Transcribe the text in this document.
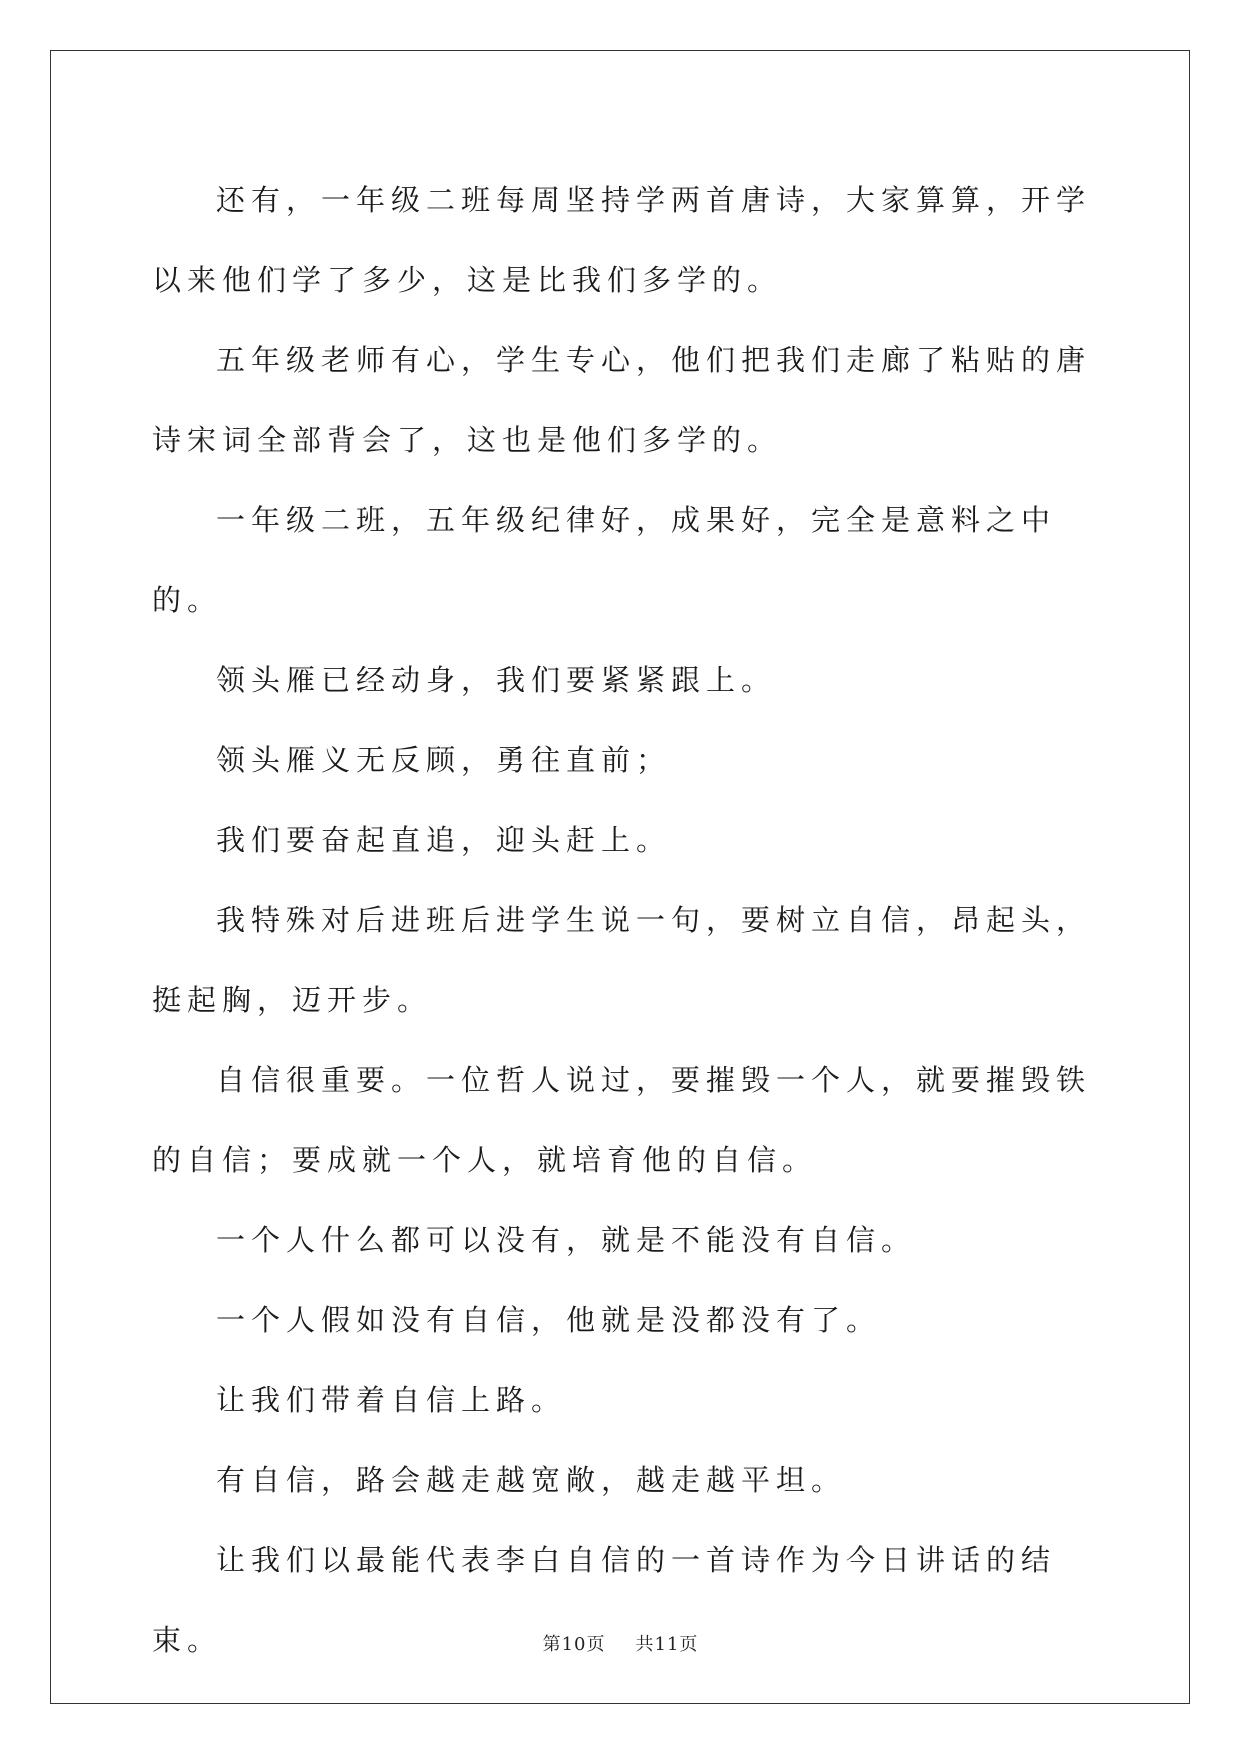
还有，一年级二班每周坚持学两首唐诗，大家算算，开学以来他们学了多少，这是比我们多学的。

五年级老师有心，学生专心，他们把我们走廊了粘贴的唐诗宋词全部背会了，这也是他们多学的。

一年级二班，五年级纪律好，成果好，完全是意料之中的。

领头雁已经动身，我们要紧紧跟上。

领头雁义无反顾，勇往直前；

我们要奋起直追，迎头赶上。

我特殊对后进班后进学生说一句，要树立自信，昂起头，挺起胸，迈开步。

自信很重要。一位哲人说过，要摧毁一个人，就要摧毁铁的自信；要成就一个人，就培育他的自信。

一个人什么都可以没有，就是不能没有自信。

一个人假如没有自信，他就是没都没有了。

让我们带着自信上路。

有自信，路会越走越宽敞，越走越平坦。

让我们以最能代表李白自信的一首诗作为今日讲话的结束。	第10页 共11页
